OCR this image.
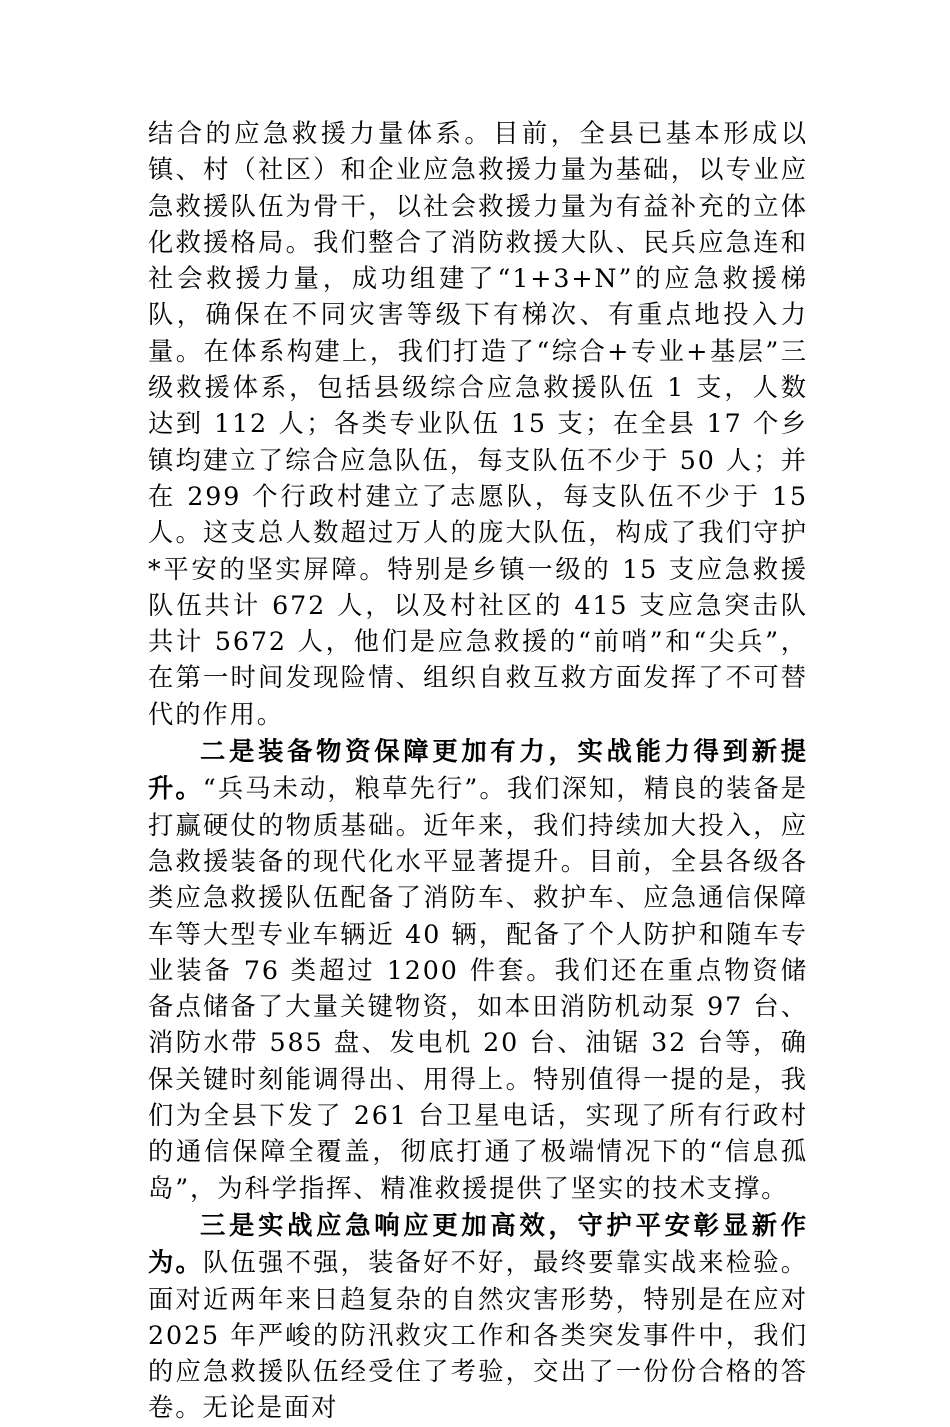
结合的应急救援力量体系。目前，全县已基本形成以镇、村（社区）和企业应急救援力量为基础，以专业应急救援队伍为骨干，以社会救援力量为有益补充的立体化救援格局。我们整合了消防救援大队、民兵应急连和社会救援力量，成功组建了“1+3+N”的应急救援梯队，确保在不同灾害等级下有梯次、有重点地投入力量。在体系构建上，我们打造了“综合+专业+基层”三级救援体系，包括县级综合应急救援队伍 1 支，人数达到 112 人；各类专业队伍 15 支；在全县 17 个乡镇均建立了综合应急队伍，每支队伍不少于 50 人；并在 299 个行政村建立了志愿队，每支队伍不少于 15 人。这支总人数超过万人的庞大队伍，构成了我们守护*平安的坚实屏障。特别是乡镇一级的 15 支应急救援队伍共计 672 人，以及村社区的 415 支应急突击队共计 5672 人，他们是应急救援的“前哨”和“尖兵”，在第一时间发现险情、组织自救互救方面发挥了不可替代的作用。

二是装备物资保障更加有力，实战能力得到新提升。“兵马未动，粮草先行”。我们深知，精良的装备是打赢硬仗的物质基础。近年来，我们持续加大投入，应急救援装备的现代化水平显著提升。目前，全县各级各类应急救援队伍配备了消防车、救护车、应急通信保障车等大型专业车辆近 40 辆，配备了个人防护和随车专业装备 76 类超过 1200 件套。我们还在重点物资储备点储备了大量关键物资，如本田消防机动泵 97 台、消防水带 585 盘、发电机 20 台、油锯 32 台等，确保关键时刻能调得出、用得上。特别值得一提的是，我们为全县下发了 261 台卫星电话，实现了所有行政村的通信保障全覆盖，彻底打通了极端情况下的“信息孤岛”，为科学指挥、精准救援提供了坚实的技术支撑。

三是实战应急响应更加高效，守护平安彰显新作为。队伍强不强，装备好不好，最终要靠实战来检验。面对近两年来日趋复杂的自然灾害形势，特别是在应对 2025 年严峻的防汛救灾工作和各类突发事件中，我们的应急救援队伍经受住了考验，交出了一份份合格的答卷。无论是面对
